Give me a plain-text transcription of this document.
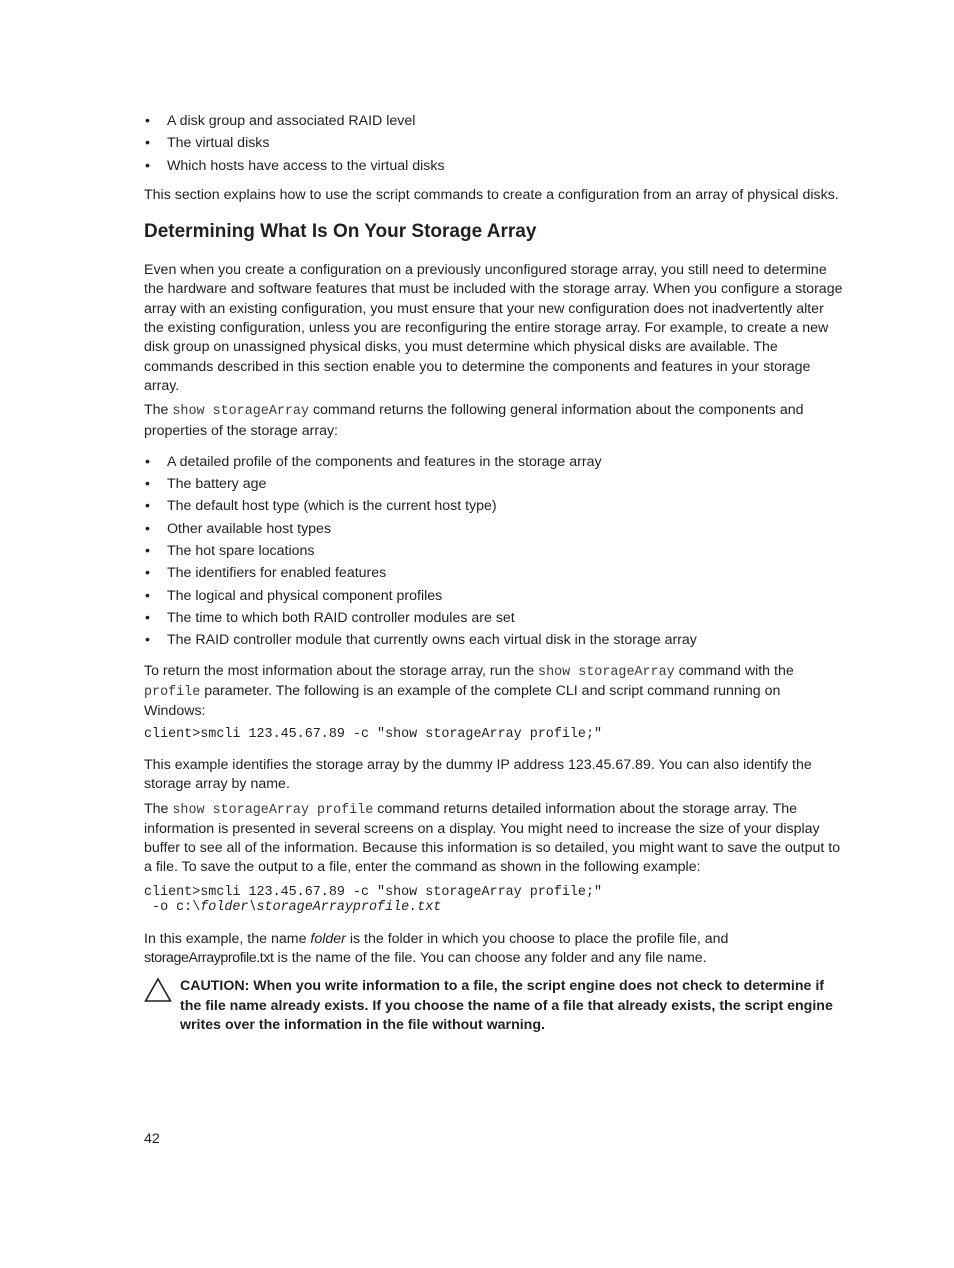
• A disk group and associated RAID level
• The virtual disks
• Which hosts have access to the virtual disks

This section explains how to use the script commands to create a configuration from an array of physical disks.

Determining What Is On Your Storage Array

Even when you create a configuration on a previously unconfigured storage array, you still need to determine the hardware and software features that must be included with the storage array. When you configure a storage array with an existing configuration, you must ensure that your new configuration does not inadvertently alter the existing configuration, unless you are reconfiguring the entire storage array. For example, to create a new disk group on unassigned physical disks, you must determine which physical disks are available. The commands described in this section enable you to determine the components and features in your storage array.

The show storageArray command returns the following general information about the components and properties of the storage array:

• A detailed profile of the components and features in the storage array
• The battery age
• The default host type (which is the current host type)
• Other available host types
• The hot spare locations
• The identifiers for enabled features
• The logical and physical component profiles
• The time to which both RAID controller modules are set
• The RAID controller module that currently owns each virtual disk in the storage array

To return the most information about the storage array, run the show storageArray command with the profile parameter. The following is an example of the complete CLI and script command running on Windows:

client>smcli 123.45.67.89 -c "show storageArray profile;"

This example identifies the storage array by the dummy IP address 123.45.67.89. You can also identify the storage array by name.

The show storageArray profile command returns detailed information about the storage array. The information is presented in several screens on a display. You might need to increase the size of your display buffer to see all of the information. Because this information is so detailed, you might want to save the output to a file. To save the output to a file, enter the command as shown in the following example:

client>smcli 123.45.67.89 -c "show storageArray profile;"
-o c:\folder\storageArrayprofile.txt

In this example, the name folder is the folder in which you choose to place the profile file, and storageArrayprofile.txt is the name of the file. You can choose any folder and any file name.

CAUTION: When you write information to a file, the script engine does not check to determine if the file name already exists. If you choose the name of a file that already exists, the script engine writes over the information in the file without warning.
42
